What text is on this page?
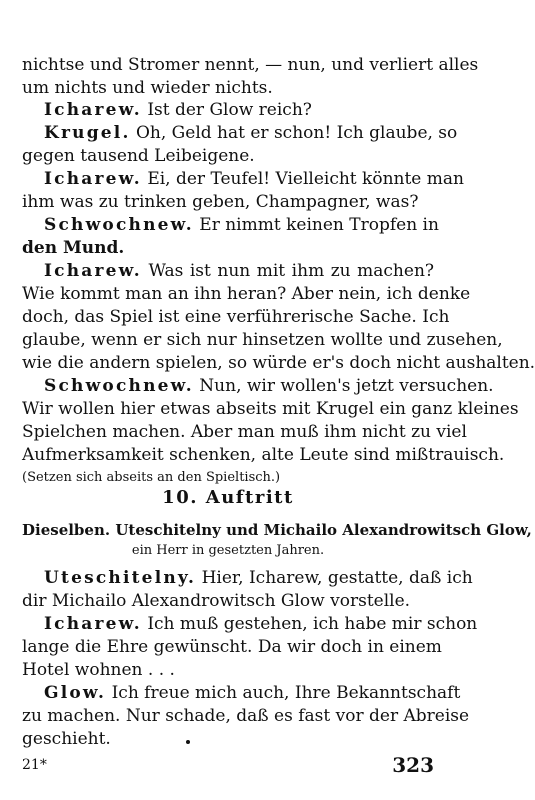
nichtse und Stromer nennt, — nun, und verliert alles
um nichts und wieder nichts.
Icharew. Ist der Glow reich?
Krugel. Oh, Geld hat er schon! Ich glaube, so
gegen tausend Leibeigene.
Icharew. Ei, der Teufel! Vielleicht könnte man
ihm was zu trinken geben, Champagner, was?
Schwochnew. Er nimmt keinen Tropfen in
den Mund.
Icharew. Was ist nun mit ihm zu machen?
Wie kommt man an ihn heran? Aber nein, ich denke
doch, das Spiel ist eine verführerische Sache. Ich
glaube, wenn er sich nur hinsetzen wollte und zusehen,
wie die andern spielen, so würde er's doch nicht aushalten.
Schwochnew. Nun, wir wollen's jetzt versuchen.
Wir wollen hier etwas abseits mit Krugel ein ganz kleines
Spielchen machen. Aber man muß ihm nicht zu viel
Aufmerksamkeit schenken, alte Leute sind mißtrauisch.
(Setzen sich abseits an den Spieltisch.)
10. Auftritt
Dieselben. Uteschitelny und Michailo Alexandrowitsch Glow,
ein Herr in gesetzten Jahren.
Uteschitelny. Hier, Icharew, gestatte, daß ich
dir Michailo Alexandrowitsch Glow vorstelle.
Icharew. Ich muß gestehen, ich habe mir schon
lange die Ehre gewünscht. Da wir doch in einem
Hotel wohnen . . .
Glow. Ich freue mich auch, Ihre Bekanntschaft
zu machen. Nur schade, daß es fast vor der Abreise
geschieht.
21*	323
